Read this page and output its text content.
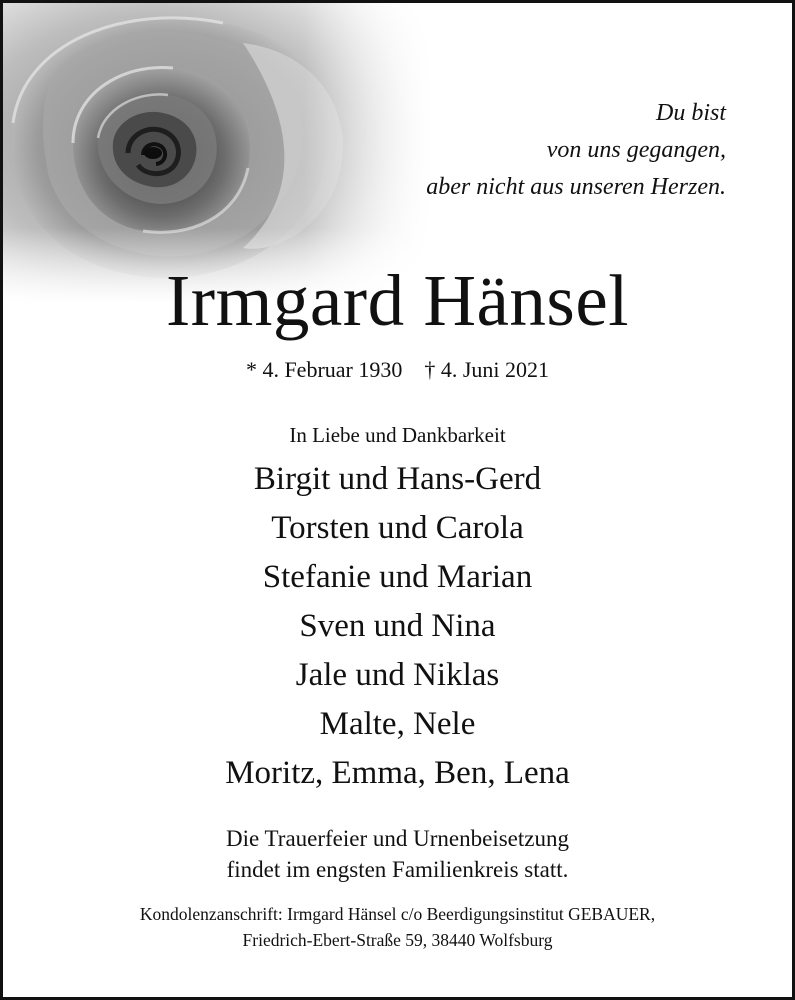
Du bist
von uns gegangen,
aber nicht aus unseren Herzen.
Irmgard Hänsel
* 4. Februar 1930 † 4. Juni 2021
In Liebe und Dankbarkeit
Birgit und Hans-Gerd
Torsten und Carola
Stefanie und Marian
Sven und Nina
Jale und Niklas
Malte, Nele
Moritz, Emma, Ben, Lena
Die Trauerfeier und Urnenbeisetzung
findet im engsten Familienkreis statt.
Kondolenzanschrift: Irmgard Hänsel c/o Beerdigungsinstitut GEBAUER,
Friedrich-Ebert-Straße 59, 38440 Wolfsburg
